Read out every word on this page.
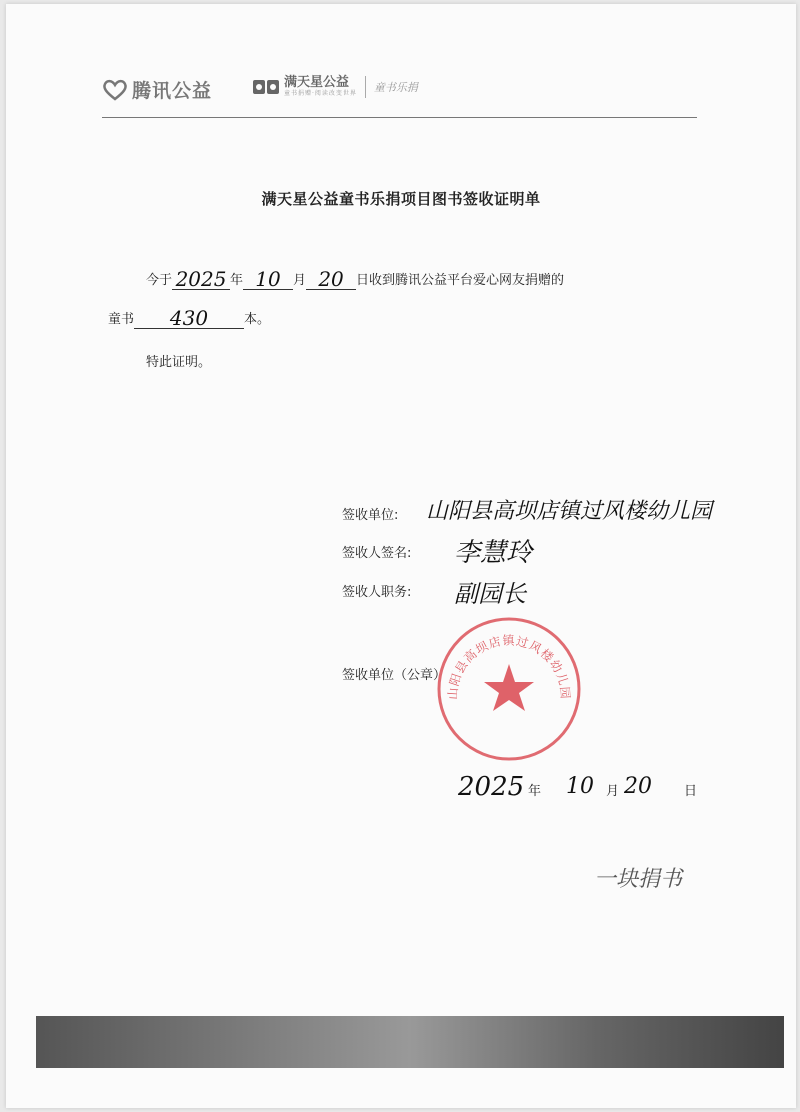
腾讯公益	满天星公益
童书捐赠·阅读改变世界 童书乐捐
满天星公益童书乐捐项目图书签收证明单
今于 2025 年 10 月 20 日收到腾讯公益平台爱心网友捐赠的
童书 430	本。
特此证明。
签收单位: 山阳县高坝店镇过风楼幼儿园
签收人签名: 李慧玲
签收人职务: 副园长
山阳县高坝店镇过风楼幼儿园
签收单位（公章）
2025 年 10 月 20 日
一块捐书
